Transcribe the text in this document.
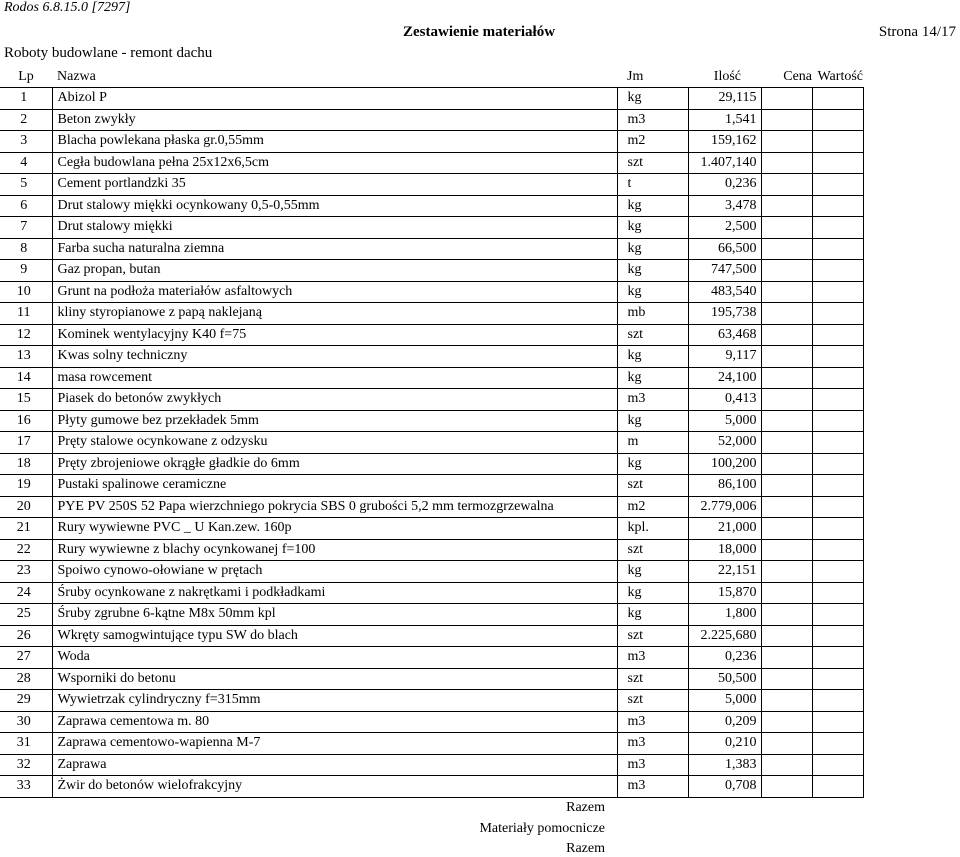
Rodos 6.8.15.0 [7297]
Zestawienie materiałów	Strona 14/17
Roboty budowlane - remont dachu
Lp	Nazwa	Jm	Ilość	Cena	Wartość
1	Abizol P	kg	29,115		
2	Beton zwykły	m3	1,541		
3	Blacha powlekana płaska gr.0,55mm	m2	159,162		
4	Cegła budowlana pełna 25x12x6,5cm	szt	1.407,140		
5	Cement portlandzki 35	t	0,236		
6	Drut stalowy miękki ocynkowany 0,5-0,55mm	kg	3,478		
7	Drut stalowy miękki	kg	2,500		
8	Farba sucha naturalna ziemna	kg	66,500		
9	Gaz propan, butan	kg	747,500		
10	Grunt na podłoża materiałów asfaltowych	kg	483,540		
11	kliny styropianowe z papą naklejaną	mb	195,738		
12	Kominek wentylacyjny K40 f=75	szt	63,468		
13	Kwas solny techniczny	kg	9,117		
14	masa rowcement	kg	24,100		
15	Piasek do betonów zwykłych	m3	0,413		
16	Płyty gumowe bez przekładek 5mm	kg	5,000		
17	Pręty stalowe ocynkowane z odzysku	m	52,000		
18	Pręty zbrojeniowe okrągłe gładkie do 6mm	kg	100,200		
19	Pustaki spalinowe ceramiczne	szt	86,100		
20	PYE PV 250S 52 Papa wierzchniego pokrycia SBS 0 grubości 5,2 mm termozgrzewalna	m2	2.779,006		
21	Rury wywiewne PVC _ U Kan.zew. 160p	kpl.	21,000		
22	Rury wywiewne z blachy ocynkowanej f=100	szt	18,000		
23	Spoiwo cynowo-ołowiane w prętach	kg	22,151		
24	Śruby ocynkowane z nakrętkami i podkładkami	kg	15,870		
25	Śruby zgrubne 6-kątne M8x 50mm kpl	kg	1,800		
26	Wkręty samogwintujące typu SW do blach	szt	2.225,680		
27	Woda	m3	0,236		
28	Wsporniki do betonu	szt	50,500		
29	Wywietrzak cylindryczny f=315mm	szt	5,000		
30	Zaprawa cementowa m. 80	m3	0,209		
31	Zaprawa cementowo-wapienna M-7	m3	0,210		
32	Zaprawa	m3	1,383		
33	Żwir do betonów wielofrakcyjny	m3	0,708		
Razem
Materiały pomocnicze
Razem
